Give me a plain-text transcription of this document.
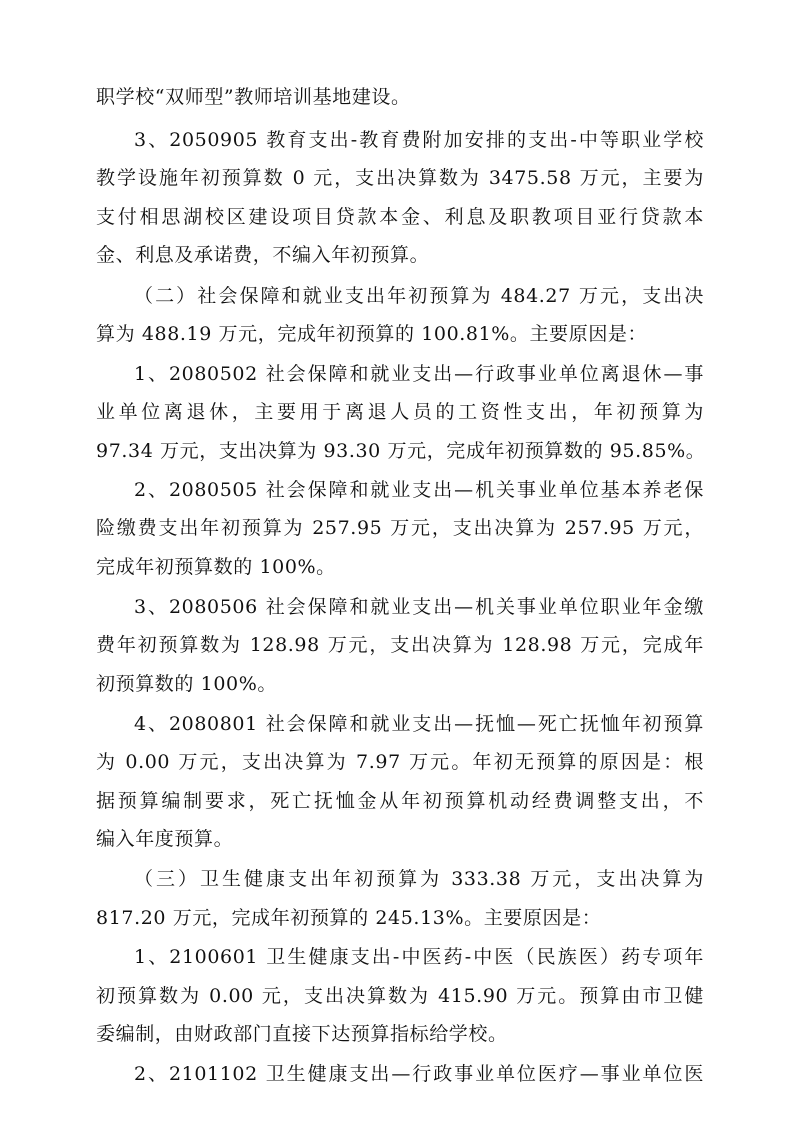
职学校“双师型”教师培训基地建设。
3、2050905 教育支出-教育费附加安排的支出-中等职业学校
教学设施年初预算数 0 元，支出决算数为 3475.58 万元，主要为
支付相思湖校区建设项目贷款本金、利息及职教项目亚行贷款本
金、利息及承诺费，不编入年初预算。
（二）社会保障和就业支出年初预算为 484.27 万元，支出决
算为 488.19 万元，完成年初预算的 100.81%。主要原因是：
1、2080502 社会保障和就业支出—行政事业单位离退休—事
业单位离退休，主要用于离退人员的工资性支出，年初预算为
97.34 万元，支出决算为 93.30 万元，完成年初预算数的 95.85%。
2、2080505 社会保障和就业支出—机关事业单位基本养老保
险缴费支出年初预算为 257.95 万元，支出决算为 257.95 万元，
完成年初预算数的 100%。
3、2080506 社会保障和就业支出—机关事业单位职业年金缴
费年初预算数为 128.98 万元，支出决算为 128.98 万元，完成年
初预算数的 100%。
4、2080801 社会保障和就业支出—抚恤—死亡抚恤年初预算
为 0.00 万元，支出决算为 7.97 万元。年初无预算的原因是：根
据预算编制要求，死亡抚恤金从年初预算机动经费调整支出，不
编入年度预算。
（三）卫生健康支出年初预算为 333.38 万元，支出决算为
817.20 万元，完成年初预算的 245.13%。主要原因是：
1、2100601 卫生健康支出-中医药-中医（民族医）药专项年
初预算数为 0.00 元，支出决算数为 415.90 万元。预算由市卫健
委编制，由财政部门直接下达预算指标给学校。
2、2101102 卫生健康支出—行政事业单位医疗—事业单位医
